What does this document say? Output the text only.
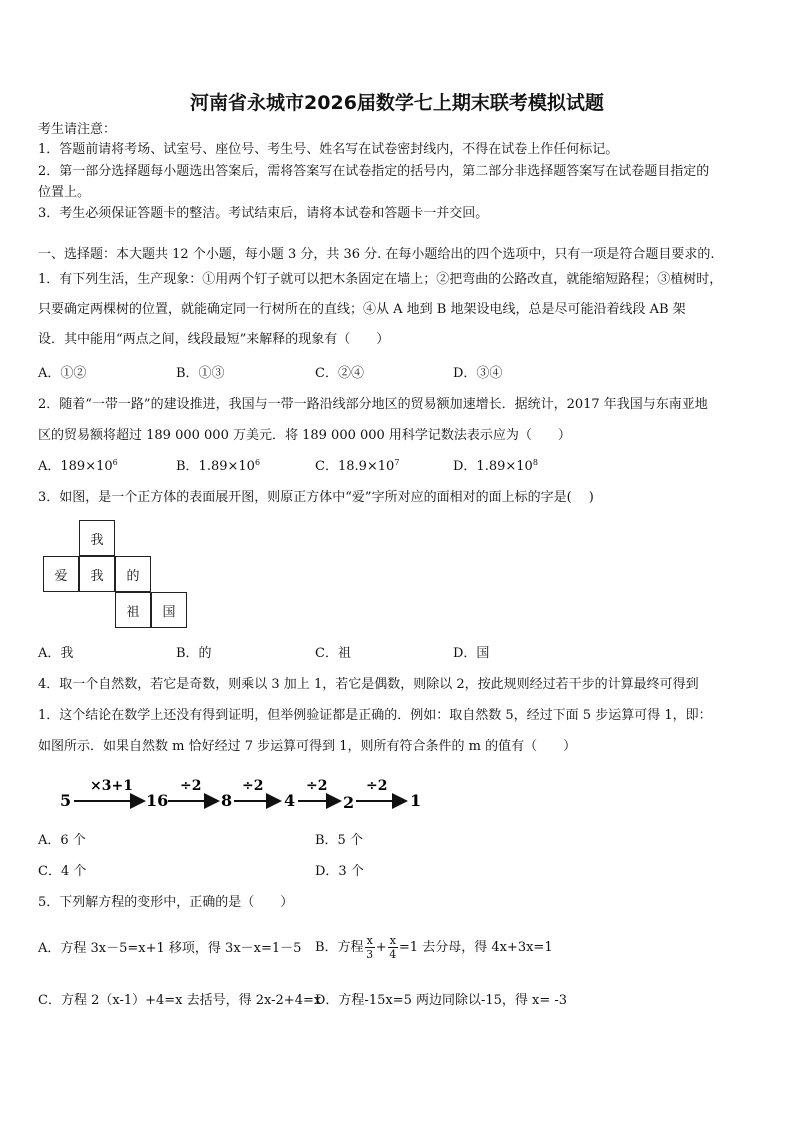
河南省永城市2026届数学七上期末联考模拟试题
考生请注意：
1．答题前请将考场、试室号、座位号、考生号、姓名写在试卷密封线内，不得在试卷上作任何标记。
2．第一部分选择题每小题选出答案后，需将答案写在试卷指定的括号内，第二部分非选择题答案写在试卷题目指定的
位置上。
3．考生必须保证答题卡的整洁。考试结束后，请将本试卷和答题卡一并交回。
一、选择题：本大题共 12 个小题，每小题 3 分，共 36 分. 在每小题给出的四个选项中，只有一项是符合题目要求的.
1．有下列生活，生产现象：①用两个钉子就可以把木条固定在墙上；②把弯曲的公路改直，就能缩短路程；③植树时，
只要确定两棵树的位置，就能确定同一行树所在的直线；④从 A 地到 B 地架设电线，总是尽可能沿着线段 AB 架
设．其中能用“两点之间，线段最短”来解释的现象有（　　）
A．①②	B．①③	C．②④	D．③④
2．随着“一带一路”的建设推进，我国与一带一路沿线部分地区的贸易额加速增长．据统计，2017 年我国与东南亚地
区的贸易额将超过 189 000 000 万美元．将 189 000 000 用科学记数法表示应为（　　）
A．$189\times 10^6$	B．$1.89\times 10^6$	C．$18.9\times 10^7$	D．$1.89\times 10^8$
3．如图，是一个正方体的表面展开图，则原正方体中“爱”字所对应的面相对的面上标的字是(　 )
我
爱	我	的
祖	国
A．我	B．的	C．祖	D．国
4．取一个自然数，若它是奇数，则乘以 3 加上 1，若它是偶数，则除以 2，按此规则经过若干步的计算最终可得到
1．这个结论在数学上还没有得到证明，但举例验证都是正确的．例如：取自然数 5，经过下面 5 步运算可得 1，即：
如图所示．如果自然数 m 恰好经过 7 步运算可得到 1，则所有符合条件的 m 的值有（　　）
5
×3+1
16
÷2
8
÷2
4
÷2
2
÷2
1
A．6 个	B．5 个
C．4 个	D．3 个
5．下列解方程的变形中，正确的是（　　）
A．方程 3x－5=x+1 移项，得 3x－x=1－5 B．方程 $\frac{x}{3} + \frac{x}{4} =1$ 去分母，得 4x+3x=1
C．方程 2（x-1）+4=x 去括号，得 2x-2+4=x
D．方程-15x=5 两边同除以-15，得 x= -3
